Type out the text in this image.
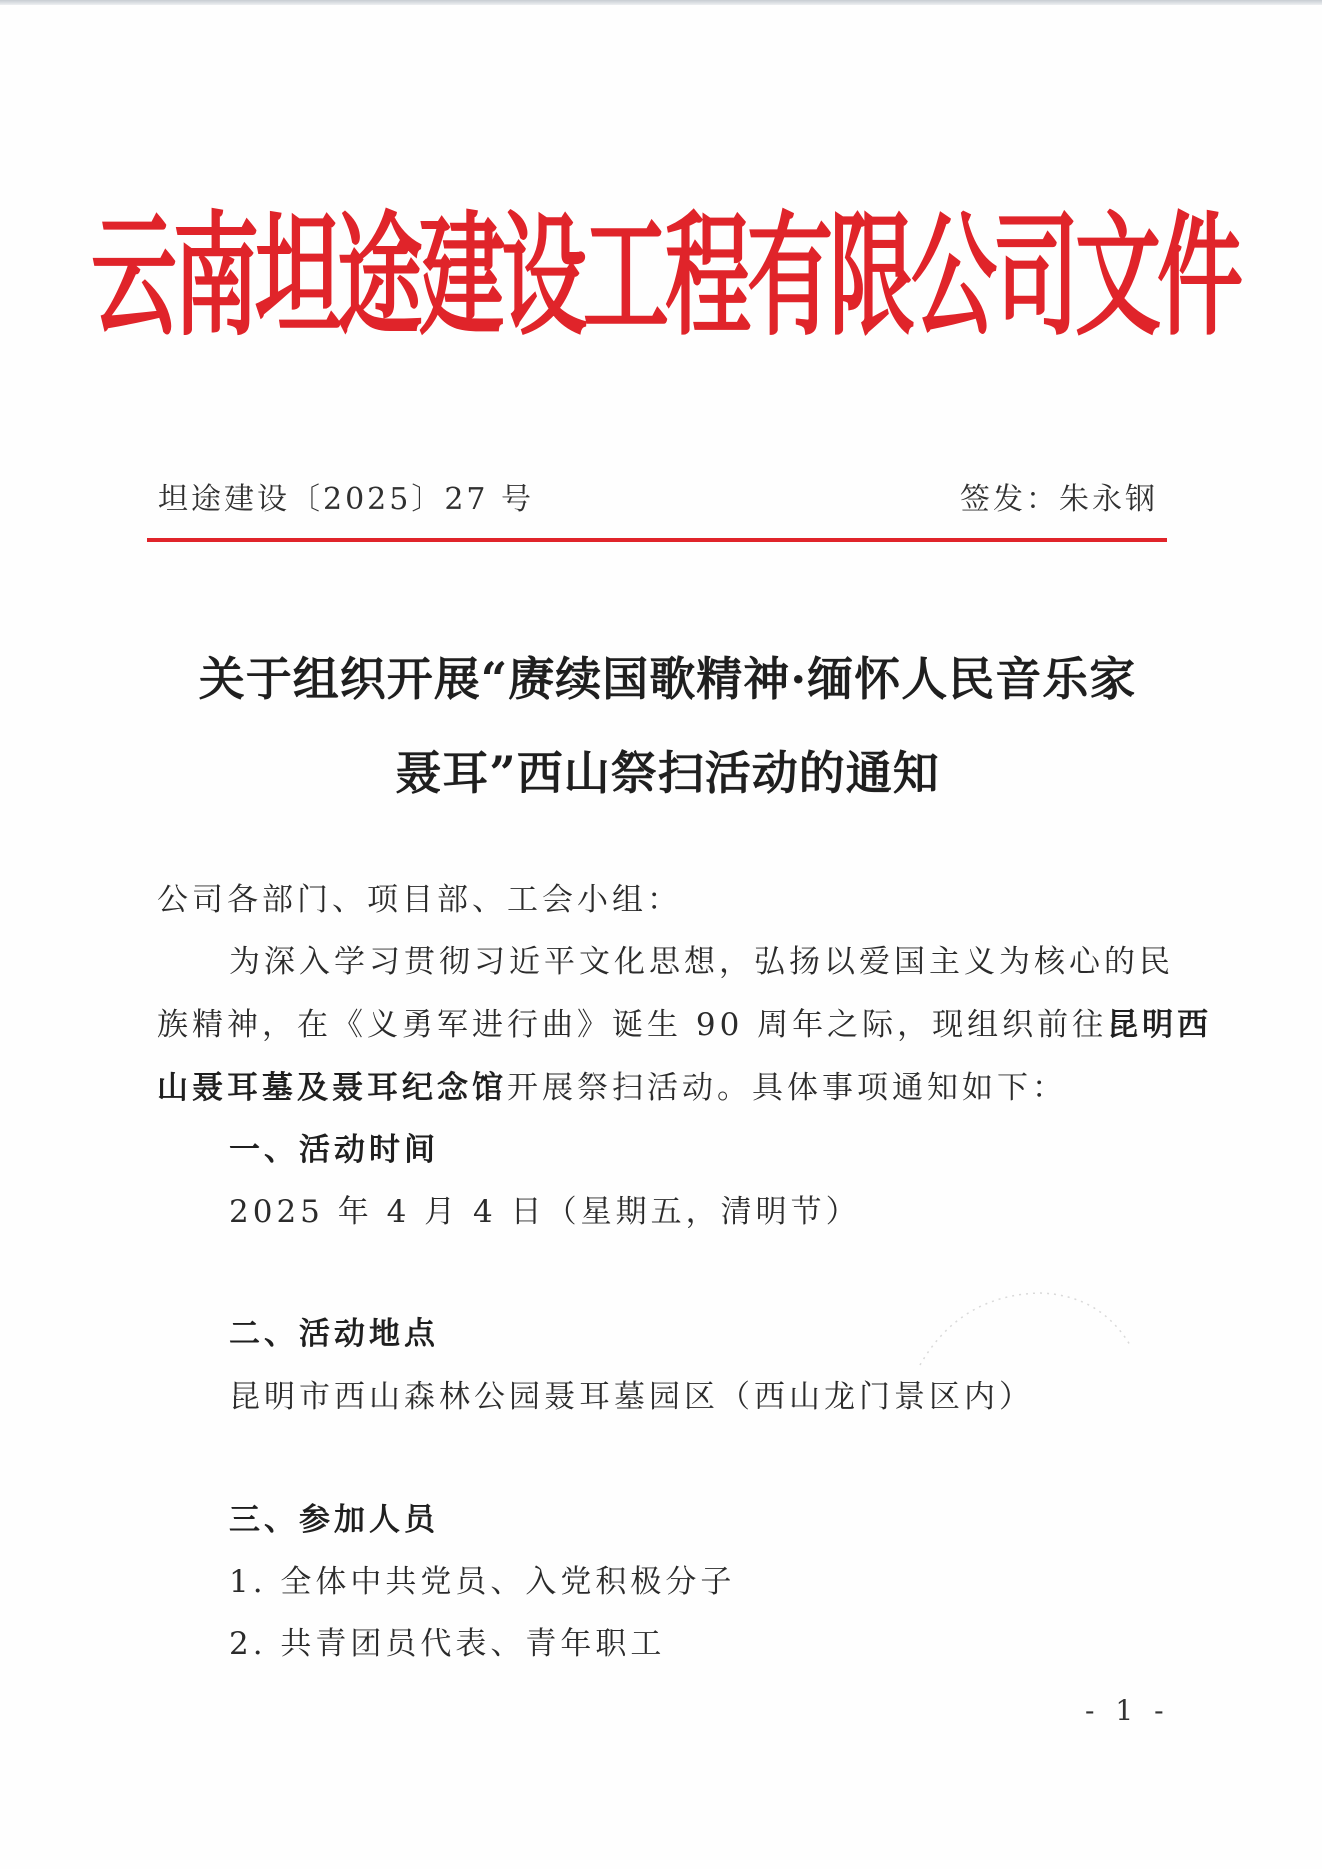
云南坦途建设工程有限公司文件
坦途建设〔2025〕27 号	签发：朱永钢
关于组织开展“赓续国歌精神·缅怀人民音乐家
聂耳”西山祭扫活动的通知
公司各部门、项目部、工会小组：
为深入学习贯彻习近平文化思想，弘扬以爱国主义为核心的民
族精神，在《义勇军进行曲》诞生 90 周年之际，现组织前往昆明西
山聂耳墓及聂耳纪念馆开展祭扫活动。具体事项通知如下：
一、活动时间
2025 年 4 月 4 日（星期五，清明节）
二、活动地点
昆明市西山森林公园聂耳墓园区（西山龙门景区内）
三、参加人员
1. 全体中共党员、入党积极分子
2. 共青团员代表、青年职工
- 1 -
